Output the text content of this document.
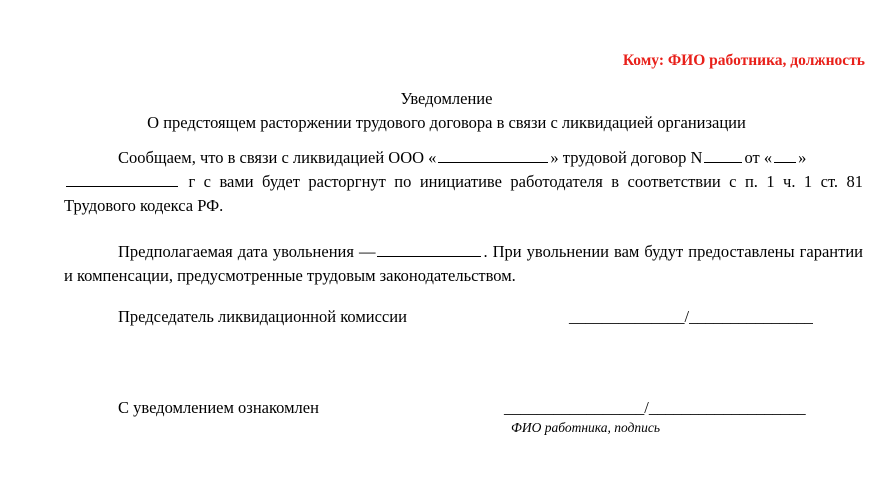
Кому: ФИО работника, должность
Уведомление
О предстоящем расторжении трудового договора в связи с ликвидацией организации

Сообщаем, что в связи с ликвидацией ООО «	» трудовой договор N	от « »
г с вами будет расторгнут по инициативе работодателя в соответствии с п. 1 ч. 1 ст. 81 Трудового кодекса РФ.

Предполагаемая дата увольнения —	. При увольнении вам будут предоставлены гарантии и компенсации, предусмотренные трудовым законодательством.

Председатель ликвидационной комиссии	______________/_______________
С уведомлением ознакомлен	_________________/___________________
ФИО работника, подпись
